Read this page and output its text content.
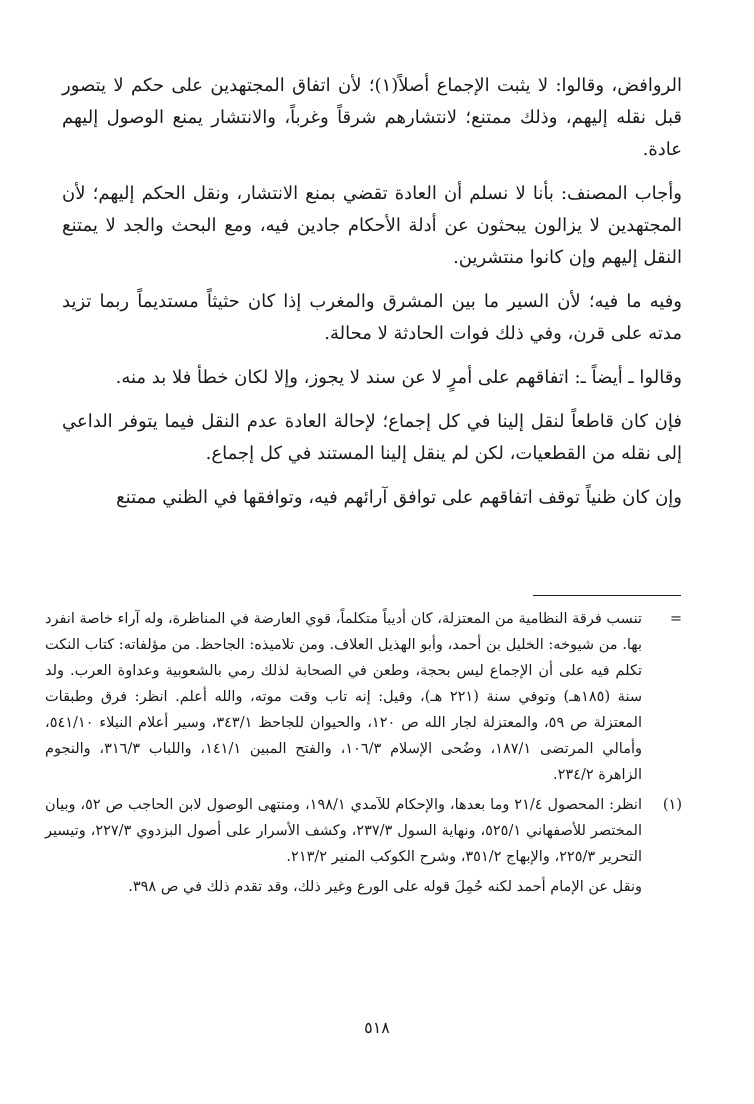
الروافض، وقالوا: لا يثبت الإجماع أصلاً(١)؛ لأن اتفاق المجتهدين على حكم لا يتصور قبل نقله إليهم، وذلك ممتنع؛ لانتشارهم شرقاً وغرباً، والانتشار يمنع الوصول إليهم عادة.

وأجاب المصنف: بأنا لا نسلم أن العادة تقضي بمنع الانتشار، ونقل الحكم إليهم؛ لأن المجتهدين لا يزالون يبحثون عن أدلة الأحكام جادين فيه، ومع البحث والجد لا يمتنع النقل إليهم وإن كانوا منتشرين.

وفيه ما فيه؛ لأن السير ما بين المشرق والمغرب إذا كان حثيثاً مستديماً ربما تزيد مدته على قرن، وفي ذلك فوات الحادثة لا محالة.

وقالوا ـ أيضاً ـ: اتفاقهم على أمرٍ لا عن سند لا يجوز، وإلا لكان خطأ فلا بد منه.

فإن كان قاطعاً لنقل إلينا في كل إجماع؛ لإحالة العادة عدم النقل فيما يتوفر الداعي إلى نقله من القطعيات، لكن لم ينقل إلينا المستند في كل إجماع.

وإن كان ظنياً توقف اتفاقهم على توافق آرائهم فيه، وتوافقها في الظني ممتنع

=
تنسب فرقة النظامية من المعتزلة، كان أديباً متكلماً، قوي العارضة في المناظرة، وله آراء خاصة انفرد بها. من شيوخه: الخليل بن أحمد، وأبو الهذيل العلاف. ومن تلاميذه: الجاحظ. من مؤلفاته: كتاب النكت تكلم فيه على أن الإجماع ليس بحجة، وطعن في الصحابة لذلك رمي بالشعوبية وعداوة العرب. ولد سنة (١٨٥هـ) وتوفي سنة (٢٢١ هـ)، وقيل: إنه تاب وقت موته، والله أعلم. انظر: فرق وطبقات المعتزلة ص ٥٩، والمعتزلة لجار الله ص ١٢٠، والحيوان للجاحظ ٣٤٣/١، وسير أعلام النبلاء ٥٤١/١٠، وأمالي المرتضى ١٨٧/١، وضُحى الإسلام ١٠٦/٣، والفتح المبين ١٤١/١، واللباب ٣١٦/٣، والنجوم الزاهرة ٢٣٤/٢.
(١)
انظر: المحصول ٢١/٤ وما بعدها، والإحكام للآمدي ١٩٨/١، ومنتهى الوصول لابن الحاجب ص ٥٢، وبيان المختصر للأصفهاني ٥٢٥/١، ونهاية السول ٢٣٧/٣، وكشف الأسرار على أصول البزدوي ٢٢٧/٣، وتيسير التحرير ٢٢٥/٣، والإبهاج ٣٥١/٢، وشرح الكوكب المنير ٢١٣/٢.

ونقل عن الإمام أحمد لكنه حُمِلَ قوله على الورع وغير ذلك، وقد تقدم ذلك في ص ٣٩٨.

٥١٨
